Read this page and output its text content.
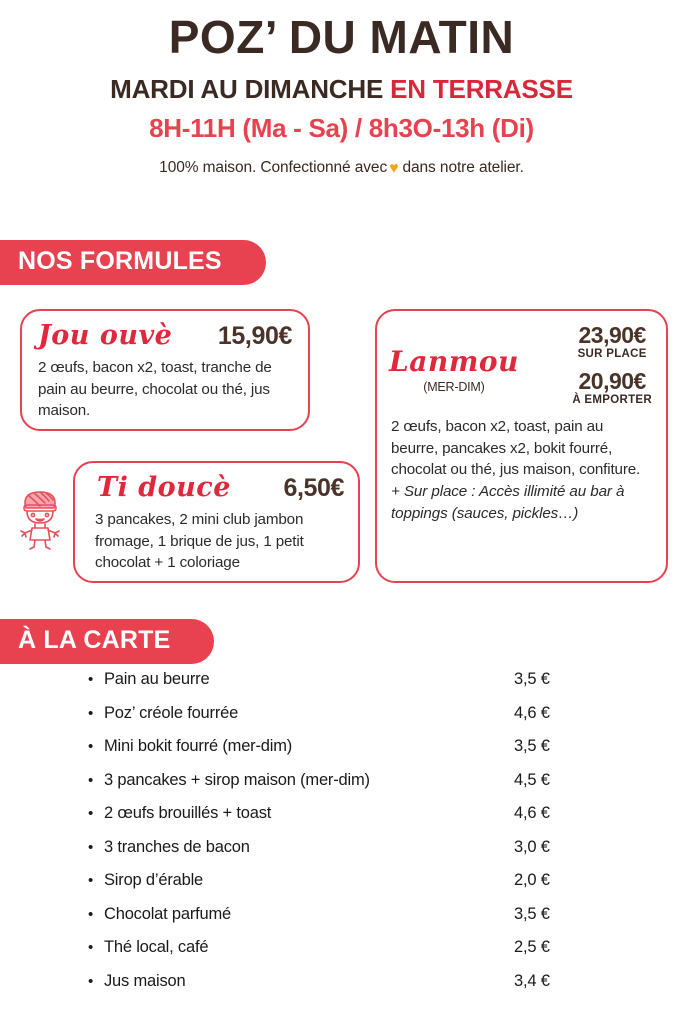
POZ’ DU MATIN
MARDI AU DIMANCHE EN TERRASSE
8H-11H (Ma - Sa) / 8h3O-13h (Di)
100% maison. Confectionné avec ♥ dans notre atelier.
NOS FORMULES
Jou ouvè 15,90€
2 œufs, bacon x2, toast, tranche de pain au beurre, chocolat ou thé, jus maison.
Ti doucè 6,50€
3 pancakes, 2 mini club jambon fromage, 1 brique de jus, 1 petit chocolat + 1 coloriage
Lanmou
(MER-DIM)
23,90€
SUR PLACE
20,90€
À EMPORTER
2 œufs, bacon x2, toast, pain au beurre, pancakes x2, bokit fourré, chocolat ou thé, jus maison, confiture.
+ Sur place : Accès illimité au bar à toppings (sauces, pickles…)
À LA CARTE
• Pain au beurre	3,5 €
• Poz’ créole fourrée	4,6 €
• Mini bokit fourré (mer-dim)	3,5 €
• 3 pancakes + sirop maison (mer-dim)	4,5 €
• 2 œufs brouillés + toast	4,6 €
• 3 tranches de bacon	3,0 €
• Sirop d’érable	2,0 €
• Chocolat parfumé	3,5 €
• Thé local, café	2,5 €
• Jus maison	3,4 €
